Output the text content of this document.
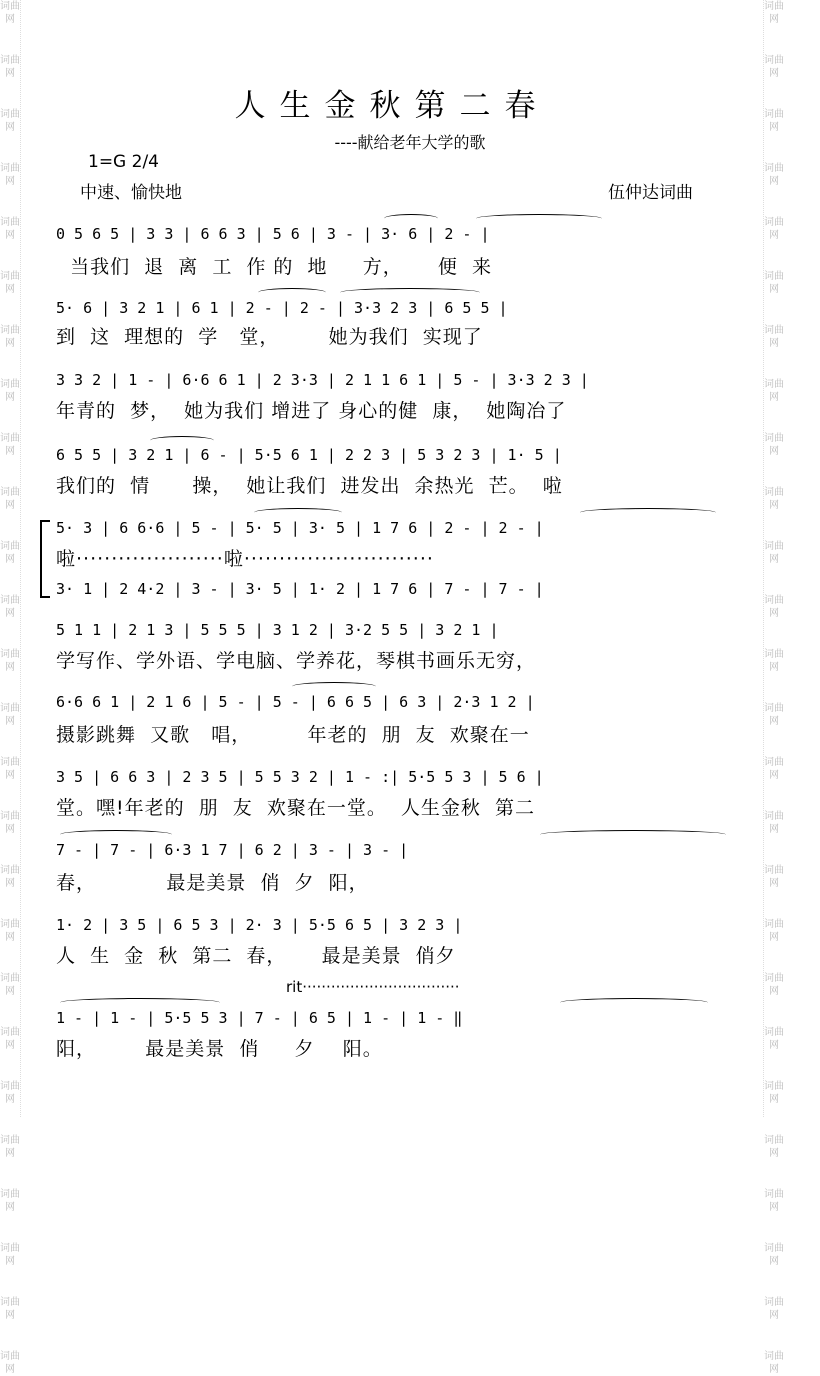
词曲网
词曲网
词曲网
词曲网
词曲网
词曲网
词曲网
词曲网
词曲网
词曲网
词曲网
词曲网
词曲网
词曲网
词曲网
词曲网
词曲网
词曲网
词曲网
词曲网
词曲网
词曲网
词曲网
词曲网
词曲网
词曲网
词曲网
词曲网
词曲网
词曲网
词曲网
词曲网
词曲网
词曲网
词曲网
词曲网
词曲网
词曲网
词曲网
词曲网
词曲网
词曲网
词曲网
词曲网
词曲网
词曲网
词曲网
词曲网
词曲网
词曲网
词曲网
词曲网
人生金秋第二春
----献给老年大学的歌
1=G 2/4
中速、愉快地	伍仲达词曲
0 5 6 5 | 3 3 | 6 6 3 | 5 6 | 3 - | 3· 6 | 2 - |
当我们  退  离  工  作 的  地     方，     便  来
5· 6 | 3 2 1 | 6 1 | 2 - | 2 - | 3·3 2 3 | 6 5 5 |
到  这  理想的  学   堂，       她为我们  实现了
3 3 2 | 1 - | 6·6 6 1 | 2 3·3 | 2 1 1 6 1 | 5 - | 3·3 2 3 |
年青的  梦，  她为我们 增进了 身心的健  康，  她陶冶了
6 5 5 | 3 2 1 | 6 - | 5·5 6 1 | 2 2 3 | 5 3 2 3 | 1· 5 |
我们的  情      操，  她让我们  进发出  余热光  芒。  啦
5· 3 | 6 6·6 | 5 - | 5· 5 | 3· 5 | 1 7 6 | 2 - | 2 - |
啦·····················啦···························
3· 1 | 2 4·2 | 3 - | 3· 5 | 1· 2 | 1 7 6 | 7 - | 7 - |
5 1 1 | 2 1 3 | 5 5 5 | 3 1 2 | 3·2 5 5 | 3 2 1 |
学写作、学外语、学电脑、学养花，琴棋书画乐无穷，
6·6 6 1 | 2 1 6 | 5 - | 5 - | 6 6 5 | 6 3 | 2·3 1 2 |
摄影跳舞  又歌   唱，        年老的  朋  友  欢聚在一
3 5 | 6 6 3 | 2 3 5 | 5 5 3 2 | 1 - :| 5·5 5 3 | 5 6 |
堂。嘿!年老的  朋  友  欢聚在一堂。  人生金秋  第二
7 - | 7 - | 6·3 1 7 | 6 2 | 3 - | 3 - |
春，          最是美景  俏  夕  阳，
1· 2 | 3 5 | 6 5 3 | 2· 3 | 5·5 6 5 | 3 2 3 |
人  生  金  秋  第二  春，     最是美景  俏夕
rit·································
1 - | 1 - | 5·5 5 3 | 7 - | 6 5 | 1 - | 1 - ‖
阳，       最是美景  俏     夕    阳。
